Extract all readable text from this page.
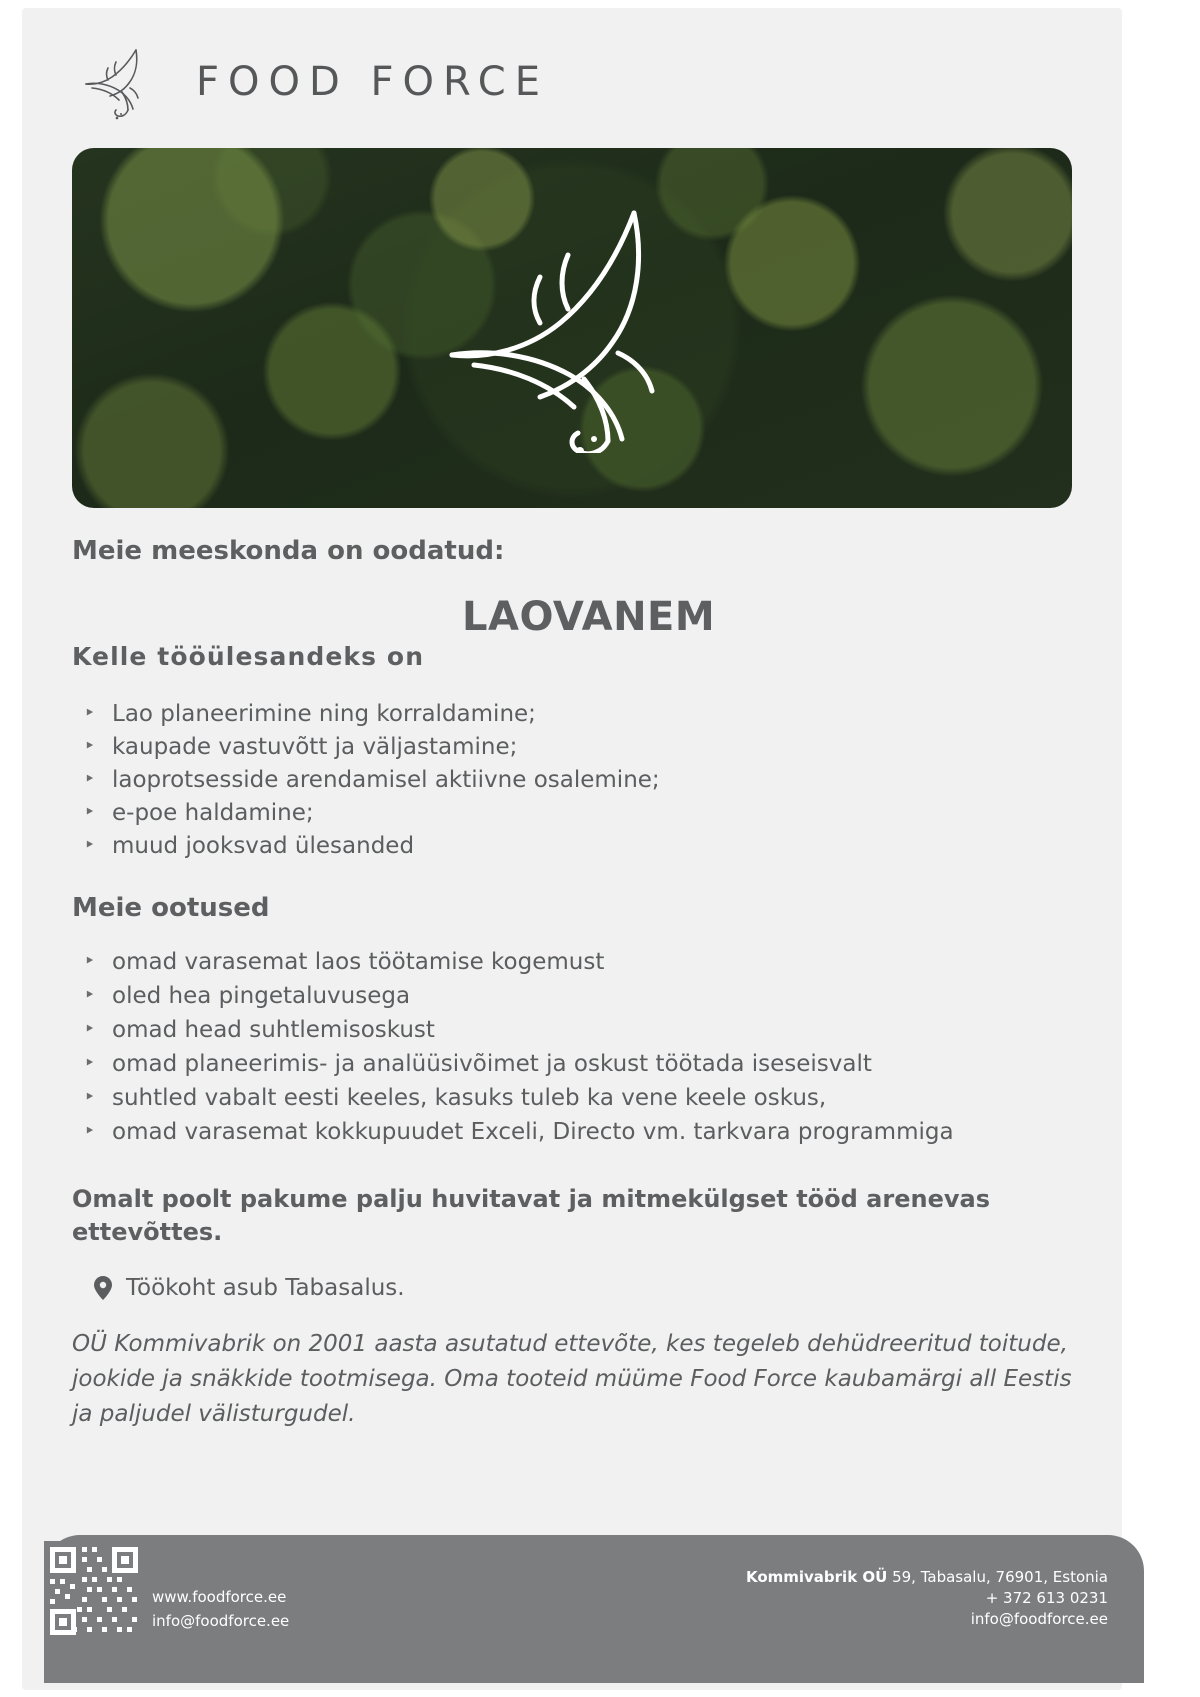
FOOD FORCE

Meie meeskonda on oodatud:

LAOVANEM
Kelle tööülesandeks on
‣ Lao planeerimine ning korraldamine;
‣ kaupade vastuvõtt ja väljastamine;
‣ laoprotsesside arendamisel aktiivne osalemine;
‣ e-poe haldamine;
‣ muud jooksvad ülesanded
Meie ootused
‣ omad varasemat laos töötamise kogemust
‣ oled hea pingetaluvusega
‣ omad head suhtlemisoskust
‣ omad planeerimis- ja analüüsivõimet ja oskust töötada iseseisvalt
‣ suhtled vabalt eesti keeles, kasuks tuleb ka vene keele oskus,
‣ omad varasemat kokkupuudet Exceli, Directo vm. tarkvara programmiga

Omalt poolt pakume palju huvitavat ja mitmekülgset tööd arenevas ettevõttes.

Töökoht asub Tabasalus.

OÜ Kommivabrik on 2001 aasta asutatud ettevõte, kes tegeleb dehüdreeritud toitude, jookide ja snäkkide tootmisega. Oma tooteid müüme Food Force kaubamärgi all Eestis ja paljudel välisturgudel.

www.foodforce.ee
info@foodforce.ee
Kommivabrik OÜ 59, Tabasalu, 76901, Estonia
+ 372 613 0231
info@foodforce.ee
